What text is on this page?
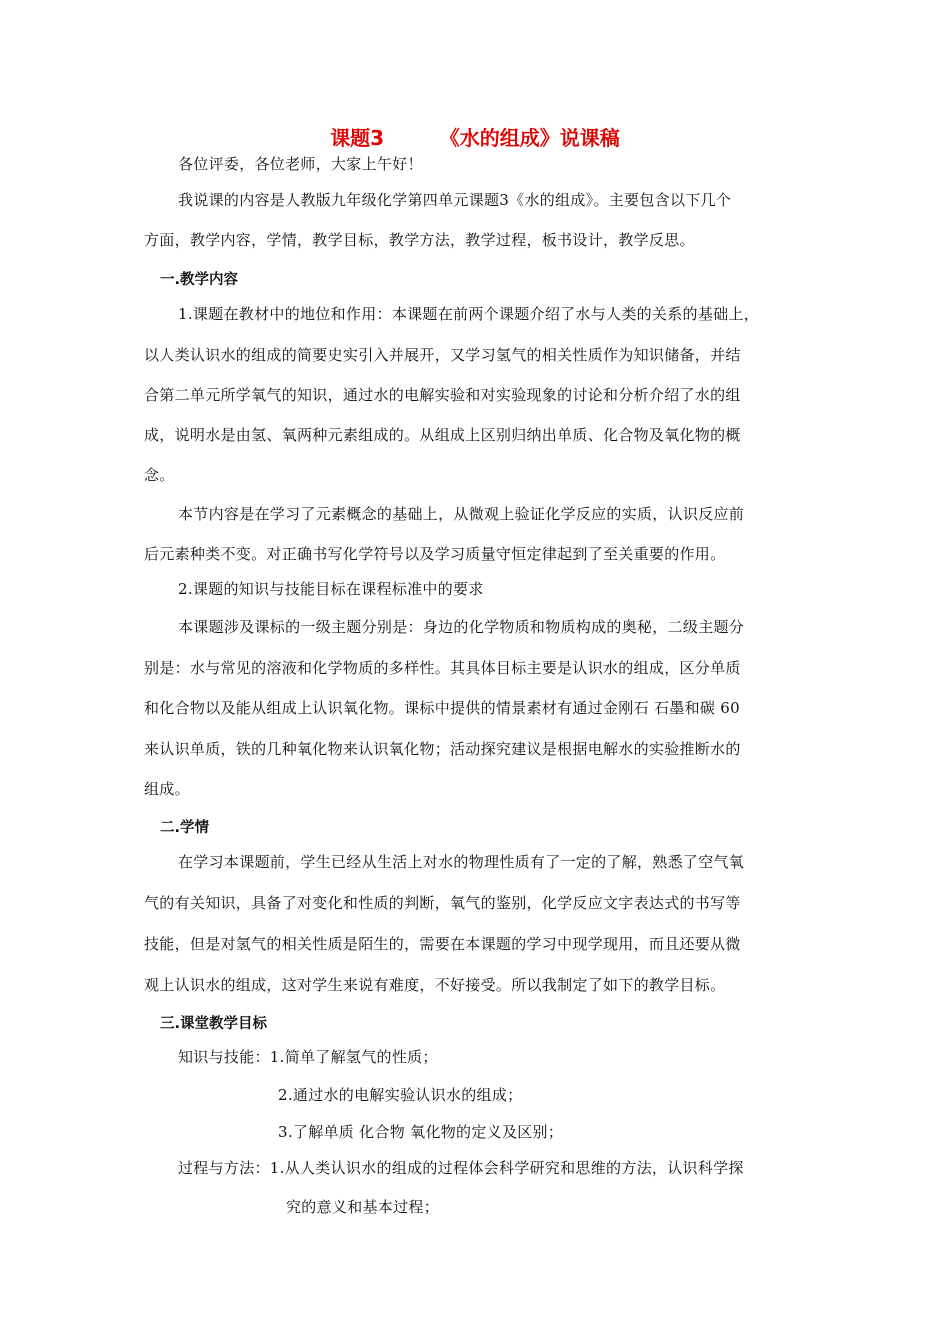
课题3        《水的组成》说课稿
各位评委，各位老师，大家上午好！
我说课的内容是人教版九年级化学第四单元课题3《水的组成》。主要包含以下几个
方面，教学内容，学情，教学目标，教学方法，教学过程，板书设计，教学反思。
一.教学内容
1.课题在教材中的地位和作用：本课题在前两个课题介绍了水与人类的关系的基础上，
以人类认识水的组成的简要史实引入并展开，又学习氢气的相关性质作为知识储备，并结
合第二单元所学氧气的知识，通过水的电解实验和对实验现象的讨论和分析介绍了水的组
成，说明水是由氢、氧两种元素组成的。从组成上区别归纳出单质、化合物及氧化物的概
念。
本节内容是在学习了元素概念的基础上，从微观上验证化学反应的实质，认识反应前
后元素种类不变。对正确书写化学符号以及学习质量守恒定律起到了至关重要的作用。
2.课题的知识与技能目标在课程标准中的要求
本课题涉及课标的一级主题分别是：身边的化学物质和物质构成的奥秘，二级主题分
别是：水与常见的溶液和化学物质的多样性。其具体目标主要是认识水的组成，区分单质
和化合物以及能从组成上认识氧化物。课标中提供的情景素材有通过金刚石 石墨和碳 60
来认识单质，铁的几种氧化物来认识氧化物；活动探究建议是根据电解水的实验推断水的
组成。
二.学情
在学习本课题前，学生已经从生活上对水的物理性质有了一定的了解，熟悉了空气氧
气的有关知识，具备了对变化和性质的判断，氧气的鉴别，化学反应文字表达式的书写等
技能，但是对氢气的相关性质是陌生的，需要在本课题的学习中现学现用，而且还要从微
观上认识水的组成，这对学生来说有难度，不好接受。所以我制定了如下的教学目标。
三.课堂教学目标
知识与技能：1.简单了解氢气的性质；
2.通过水的电解实验认识水的组成；
3.了解单质 化合物 氧化物的定义及区别；
过程与方法：1.从人类认识水的组成的过程体会科学研究和思维的方法，认识科学探
究的意义和基本过程；
